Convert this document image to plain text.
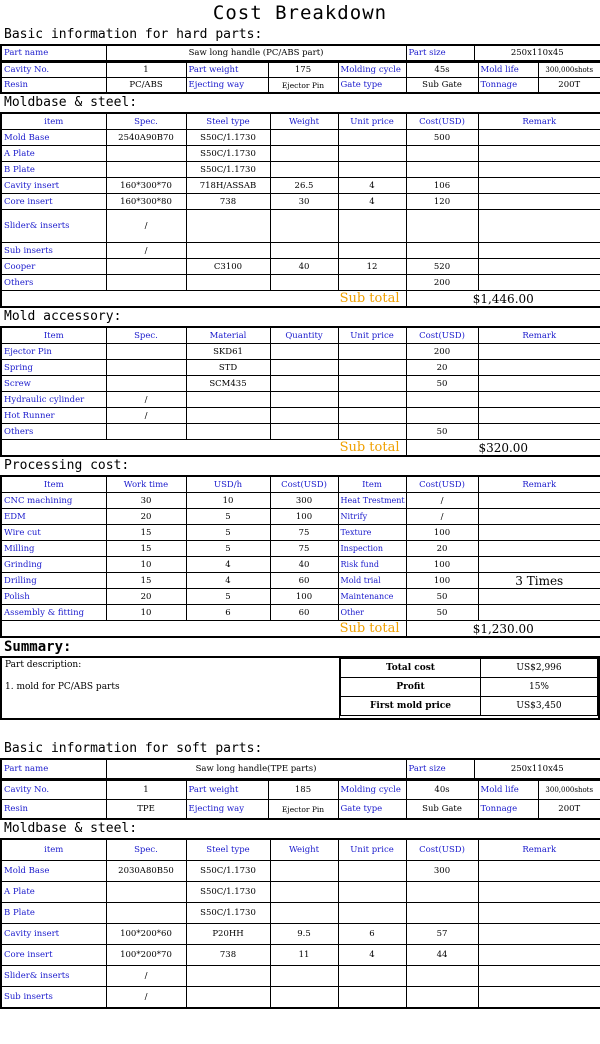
Cost Breakdown
Basic information for hard parts:
Part name	Saw long handle (PC/ABS part)	Part size	250x110x45
Cavity No.	1	Part weight	175	Molding cycle	45s	Mold life	300,000shots
Resin	PC/ABS	Ejecting way	Ejector Pin	Gate type	Sub Gate	Tonnage	200T
Moldbase & steel:
item	Spec.	Steel type	Weight	Unit price	Cost(USD)	Remark
Mold Base	2540A90B70	S50C/1.1730			500	
A Plate		S50C/1.1730				
B Plate		S50C/1.1730				
Cavity insert	160*300*70	718H/ASSAB	26.5	4	106	
Core insert	160*300*80	738	30	4	120	
Slider& inserts	/					
Sub inserts	/					
Cooper		C3100	40	12	520	
Others					200	
Sub total					$1,446.00	
Mold accessory:
Item	Spec.	Material	Quantity	Unit price	Cost(USD)	Remark
Ejector Pin		SKD61			200	
Spring		STD			20	
Screw		SCM435			50	
Hydraulic cylinder	/					
Hot Runner	/					
Others					50	
Sub total					$320.00	
Processing cost:
Item	Work time	USD/h	Cost(USD)	Item	Cost(USD)	Remark
CNC machining	30	10	300	Heat Trestment	/	
EDM	20	5	100	Nitrify	/	
Wire cut	15	5	75	Texture	100	
Milling	15	5	75	Inspection	20	
Grinding	10	4	40	Risk fund	100	
Drilling	15	4	60	Mold trial	100	3 Times
Polish	20	5	100	Maintenance	50	
Assembly & fitting	10	6	60	Other	50	
Sub total					$1,230.00	
Summary:
Part description:
1. mold for PC/ABS parts
Total cost	US$2,996
Profit	15%
First mold price	US$3,450
Basic information for soft parts:
Part name	Saw long handle(TPE parts)	Part size	250x110x45
Cavity No.	1	Part weight	185	Molding cycle	40s	Mold life	300,000shots
Resin	TPE	Ejecting way	Ejector Pin	Gate type	Sub Gate	Tonnage	200T
Moldbase & steel:
item	Spec.	Steel type	Weight	Unit price	Cost(USD)	Remark
Mold Base	2030A80B50	S50C/1.1730			300	
A Plate		S50C/1.1730				
B Plate		S50C/1.1730				
Cavity insert	100*200*60	P20HH	9.5	6	57	
Core insert	100*200*70	738	11	4	44	
Slider& inserts	/					
Sub inserts	/					
